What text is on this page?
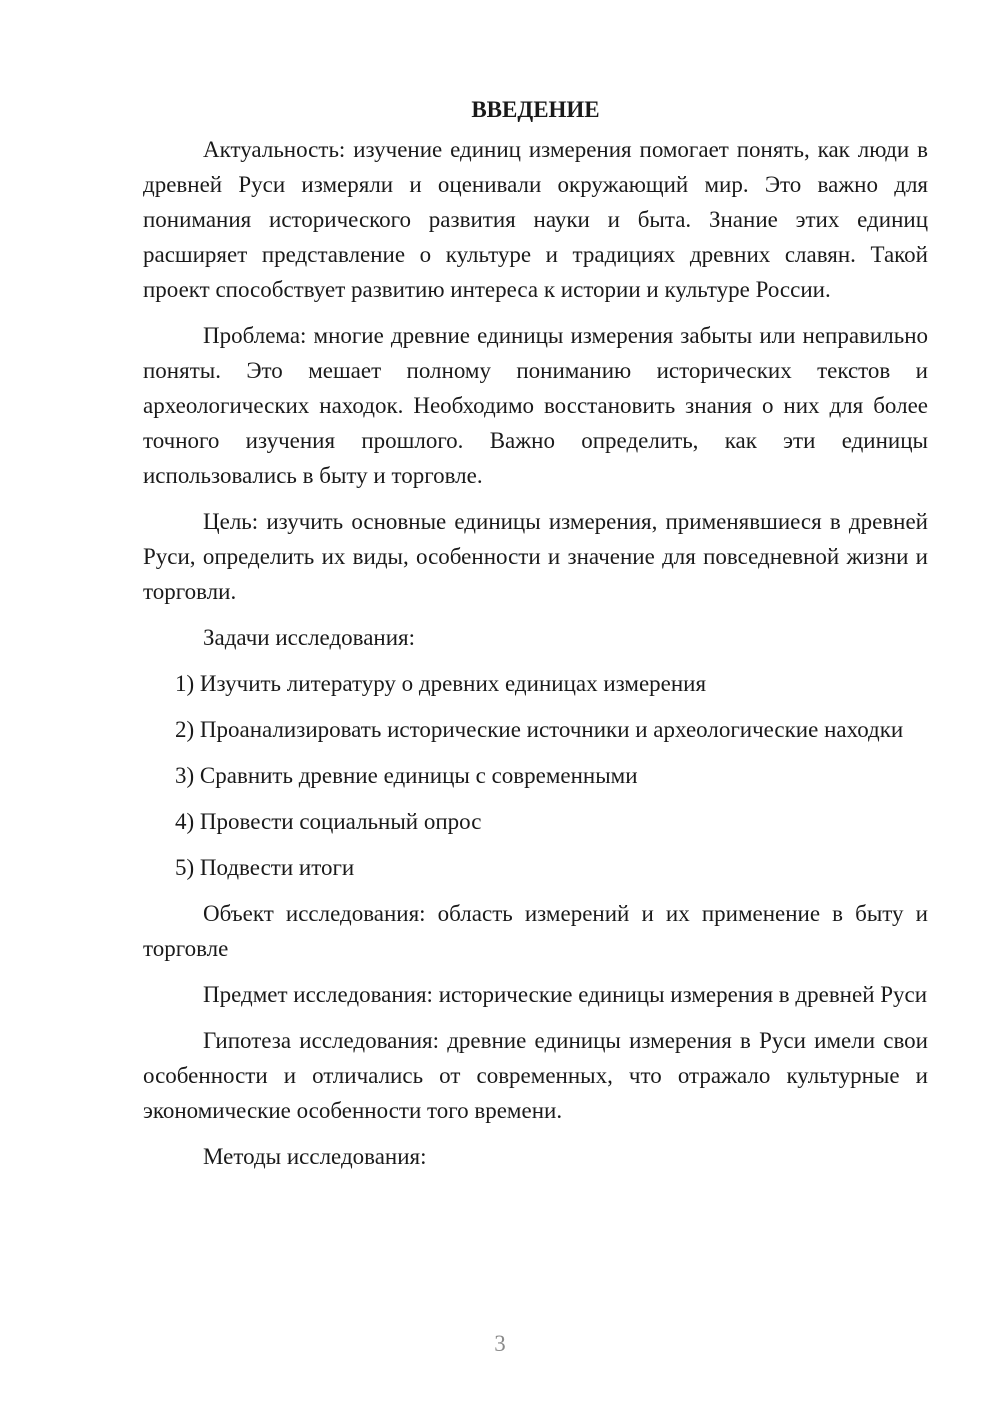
ВВЕДЕНИЕ

Актуальность: изучение единиц измерения помогает понять, как люди в древней Руси измеряли и оценивали окружающий мир. Это важно для понимания исторического развития науки и быта. Знание этих единиц расширяет представление о культуре и традициях древних славян. Такой проект способствует развитию интереса к истории и культуре России.

Проблема: многие древние единицы измерения забыты или неправильно поняты. Это мешает полному пониманию исторических текстов и археологических находок. Необходимо восстановить знания о них для более точного изучения прошлого. Важно определить, как эти единицы использовались в быту и торговле.

Цель: изучить основные единицы измерения, применявшиеся в древней Руси, определить их виды, особенности и значение для повседневной жизни и торговли.

Задачи исследования:

1) Изучить литературу о древних единицах измерения

2) Проанализировать исторические источники и археологические находки

3) Сравнить древние единицы с современными

4) Провести социальный опрос

5) Подвести итоги

Объект исследования: область измерений и их применение в быту и торговле

Предмет исследования: исторические единицы измерения в древней Руси

Гипотеза исследования: древние единицы измерения в Руси имели свои особенности и отличались от современных, что отражало культурные и экономические особенности того времени.

Методы исследования:

3
